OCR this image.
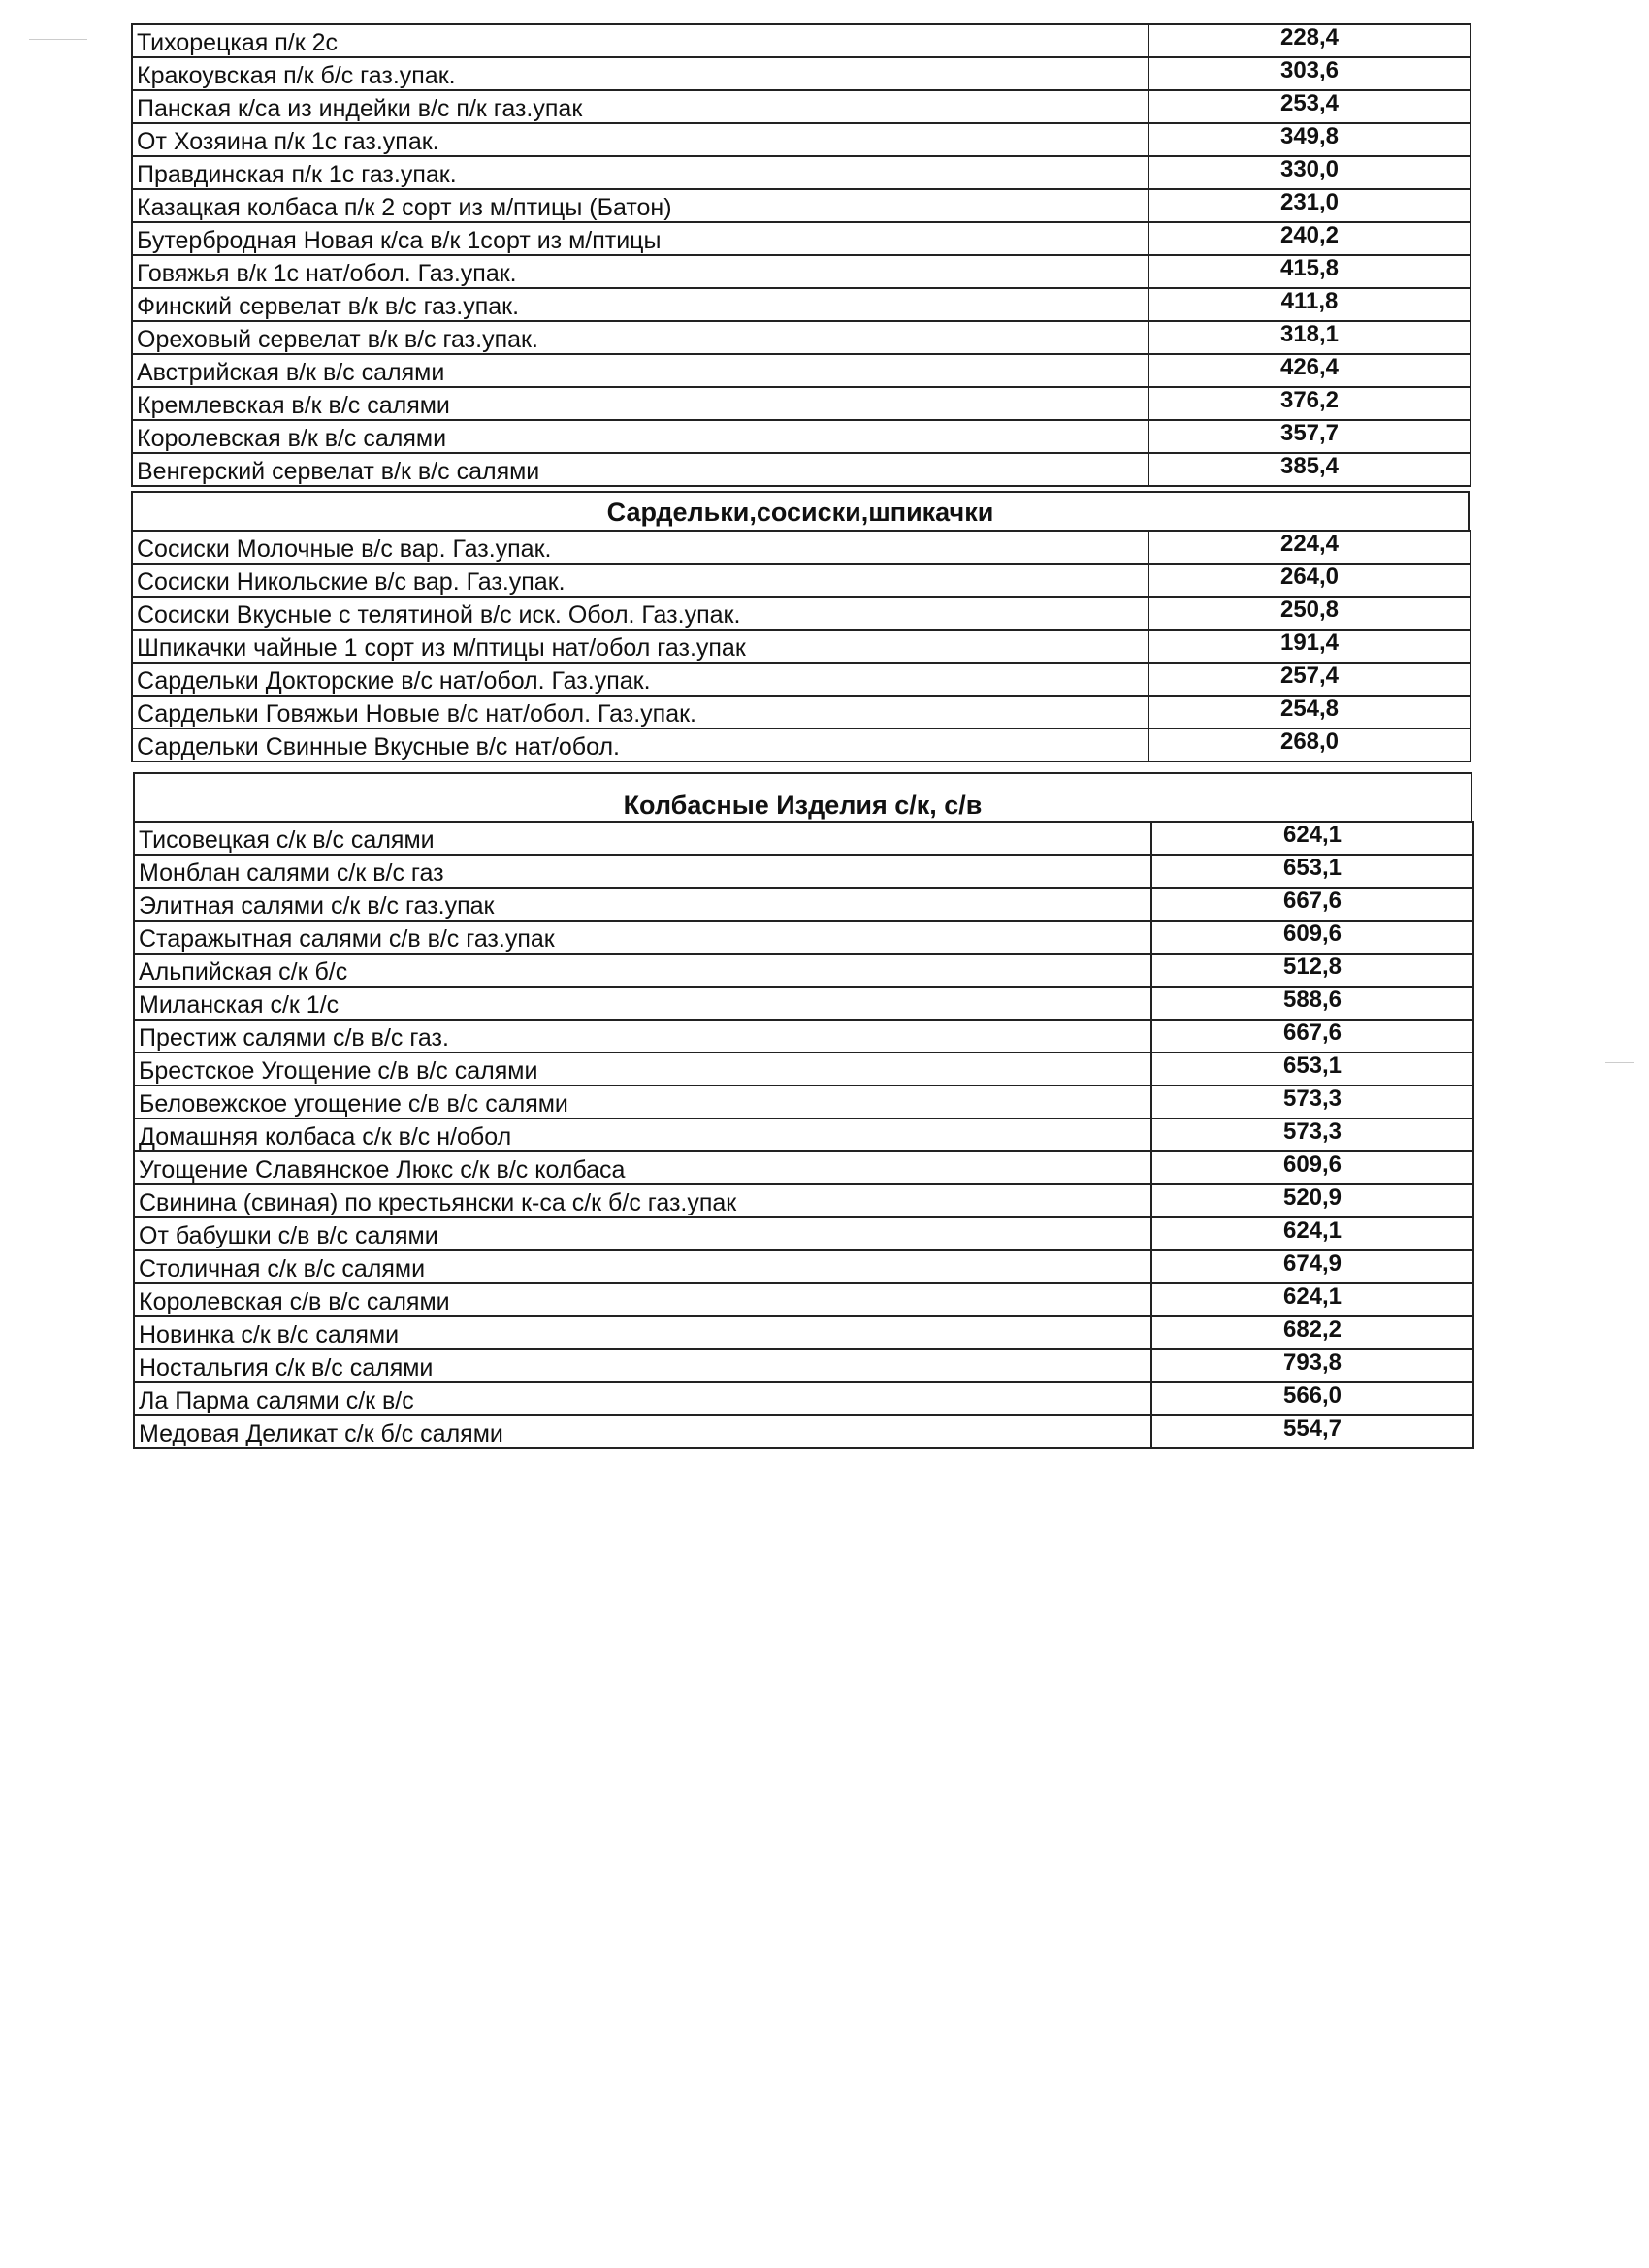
Тихорецкая п/к 2с	228,4
Кракоувская п/к б/с газ.упак.	303,6
Панская к/са из индейки в/с п/к газ.упак	253,4
От Хозяина п/к 1с газ.упак.	349,8
Правдинская п/к 1с газ.упак.	330,0
Казацкая колбаса п/к 2 сорт из м/птицы (Батон)	231,0
Бутербродная Новая к/са в/к 1сорт из м/птицы	240,2
Говяжья в/к 1с нат/обол. Газ.упак.	415,8
Финский сервелат в/к в/с газ.упак.	411,8
Ореховый сервелат в/к в/с газ.упак.	318,1
Австрийская в/к в/с салями	426,4
Кремлевская в/к в/с салями	376,2
Королевская в/к в/с салями	357,7
Венгерский сервелат в/к в/с салями	385,4
Сардельки,сосиски,шпикачки
Сосиски Молочные в/с вар. Газ.упак.	224,4
Сосиски Никольские в/с вар. Газ.упак.	264,0
Сосиски Вкусные с телятиной в/с иск. Обол. Газ.упак.	250,8
Шпикачки чайные 1 сорт из м/птицы нат/обол газ.упак	191,4
Сардельки Докторские в/с нат/обол. Газ.упак.	257,4
Сардельки Говяжьи Новые в/с нат/обол. Газ.упак.	254,8
Сардельки Свинные Вкусные в/с нат/обол.	268,0
Колбасные Изделия с/к, с/в
Тисовецкая с/к в/с салями	624,1
Монблан салями с/к в/с газ	653,1
Элитная салями с/к в/с газ.упак	667,6
Старажытная салями с/в в/с газ.упак	609,6
Альпийская с/к б/с	512,8
Миланская с/к 1/с	588,6
Престиж салями с/в в/с газ.	667,6
Брестское Угощение с/в в/с салями	653,1
Беловежское угощение с/в в/с салями	573,3
Домашняя колбаса с/к в/с н/обол	573,3
Угощение Славянское Люкс с/к в/с колбаса	609,6
Свинина (свиная) по крестьянски к-са с/к б/с газ.упак	520,9
От бабушки с/в в/с салями	624,1
Столичная с/к в/с салями	674,9
Королевская с/в в/с салями	624,1
Новинка с/к в/с салями	682,2
Ностальгия с/к в/с салями	793,8
Ла Парма салями с/к в/с	566,0
Медовая Деликат с/к б/с салями	554,7
